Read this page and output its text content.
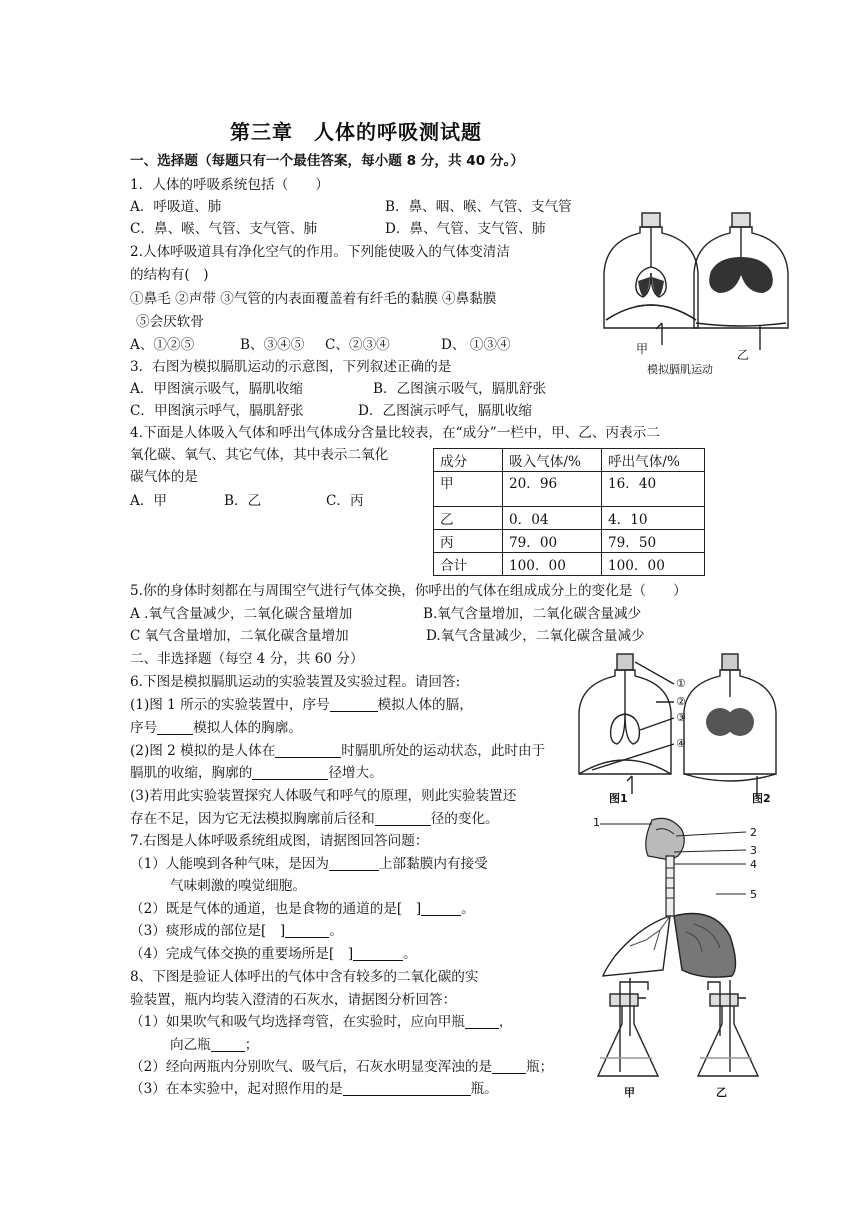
第三章　人体的呼吸测试题
一、选择题（每题只有一个最佳答案，每小题 8 分，共 40 分。）
1．人体的呼吸系统包括（　　）
A．呼吸道、肺	B．鼻、咽、喉、气管、支气管
C．鼻、喉、气管、支气管、肺	D．鼻、气管、支气管、肺
2.人体呼吸道具有净化空气的作用。下列能使吸入的气体变清洁
的结构有(　)
①鼻毛 ②声带 ③气管的内表面覆盖着有纤毛的黏膜 ④鼻黏膜
⑤会厌软骨
A、①②⑤	B、③④⑤ C、②③④	D、 ①③④
3．右图为模拟膈肌运动的示意图，下列叙述正确的是
A．甲图演示吸气，膈肌收缩	B．乙图演示吸气，膈肌舒张
C．甲图演示呼气，膈肌舒张	D．乙图演示呼气，膈肌收缩
甲	乙
模拟膈肌运动
4.下面是人体吸入气体和呼出气体成分含量比较表，在“成分”一栏中，甲、乙、丙表示二
氧化碳、氧气、其它气体，其中表示二氧化
碳气体的是
A．甲	B．乙	C．丙
成分	吸入气体/%	呼出气体/%
甲	20．96	16．40
乙	0．04	4．10
丙	79．00	79．50
合计	100．00	100．00
5.你的身体时刻都在与周围空气进行气体交换，你呼出的气体在组成成分上的变化是（　　）
A .氧气含量减少，二氧化碳含量增加	B.氧气含量增加，二氧化碳含量减少
C 氧气含量增加，二氧化碳含量增加	D.氧气含量减少，二氧化碳含量减少
二、非选择题（每空 4 分，共 60 分）
6.下图是模拟膈肌运动的实验装置及实验过程。请回答:
(1)图 1 所示的实验装置中，序号	模拟人体的膈，
序号	模拟人体的胸廓。
(2)图 2 模拟的是人体在	时膈肌所处的运动状态，此时由于
膈肌的收缩，胸廓的	径增大。
(3)若用此实验装置探究人体吸气和呼气的原理，则此实验装置还
存在不足，因为它无法模拟胸廓前后径和	径的变化。
①
②
③
④
图1	图2
7.右图是人体呼吸系统组成图，请据图回答问题：
（1）人能嗅到各种气味，是因为	上部黏膜内有接受
气味刺激的嗅觉细胞。
（2）既是气体的通道，也是食物的通道的是[　]	。
（3）痰形成的部位是[　]	。
（4）完成气体交换的重要场所是[　]	。
1
2
3
4
5
8、下图是验证人体呼出的气体中含有较多的二氧化碳的实
验装置，瓶内均装入澄清的石灰水，请据图分析回答：
（1）如果吹气和吸气均选择弯管，在实验时，应向甲瓶	，
向乙瓶	；
（2）经向两瓶内分别吹气、吸气后，石灰水明显变浑浊的是	瓶；
（3）在本实验中，起对照作用的是	瓶。	甲	乙
